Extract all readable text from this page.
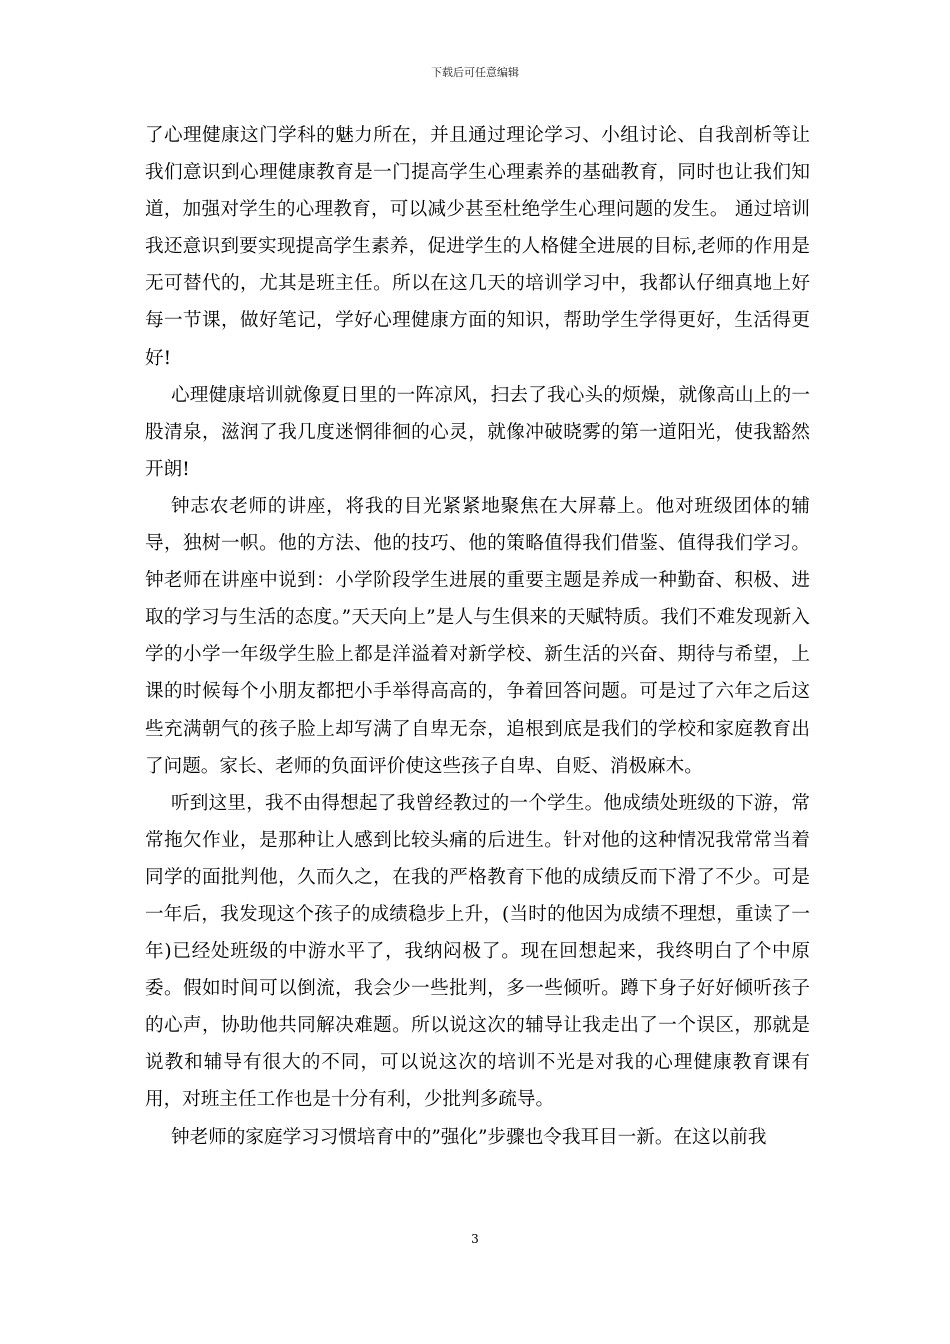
下载后可任意编辑

了心理健康这门学科的魅力所在，并且通过理论学习、小组讨论、自我剖析等让我们意识到心理健康教育是一门提高学生心理素养的基础教育，同时也让我们知道，加强对学生的心理教育，可以减少甚至杜绝学生心理问题的发生。 通过培训我还意识到要实现提高学生素养，促进学生的人格健全进展的目标,老师的作用是无可替代的，尤其是班主任。所以在这几天的培训学习中，我都认仔细真地上好每一节课，做好笔记，学好心理健康方面的知识，帮助学生学得更好，生活得更好!

心理健康培训就像夏日里的一阵凉风，扫去了我心头的烦燥，就像高山上的一股清泉，滋润了我几度迷惘徘徊的心灵，就像冲破晓雾的第一道阳光，使我豁然开朗!

钟志农老师的讲座，将我的目光紧紧地聚焦在大屏幕上。他对班级团体的辅导，独树一帜。他的方法、他的技巧、他的策略值得我们借鉴、值得我们学习。钟老师在讲座中说到：小学阶段学生进展的重要主题是养成一种勤奋、积极、进取的学习与生活的态度。”天天向上”是人与生俱来的天赋特质。我们不难发现新入学的小学一年级学生脸上都是洋溢着对新学校、新生活的兴奋、期待与希望，上课的时候每个小朋友都把小手举得高高的，争着回答问题。可是过了六年之后这些充满朝气的孩子脸上却写满了自卑无奈，追根到底是我们的学校和家庭教育出了问题。家长、老师的负面评价使这些孩子自卑、自贬、消极麻木。

听到这里，我不由得想起了我曾经教过的一个学生。他成绩处班级的下游，常常拖欠作业，是那种让人感到比较头痛的后进生。针对他的这种情况我常常当着同学的面批判他，久而久之，在我的严格教育下他的成绩反而下滑了不少。可是一年后，我发现这个孩子的成绩稳步上升，(当时的他因为成绩不理想，重读了一年)已经处班级的中游水平了，我纳闷极了。现在回想起来，我终明白了个中原委。假如时间可以倒流，我会少一些批判，多一些倾听。蹲下身子好好倾听孩子的心声，协助他共同解决难题。所以说这次的辅导让我走出了一个误区，那就是说教和辅导有很大的不同，可以说这次的培训不光是对我的心理健康教育课有用，对班主任工作也是十分有利，少批判多疏导。

钟老师的家庭学习习惯培育中的”强化”步骤也令我耳目一新。在这以前我

3
